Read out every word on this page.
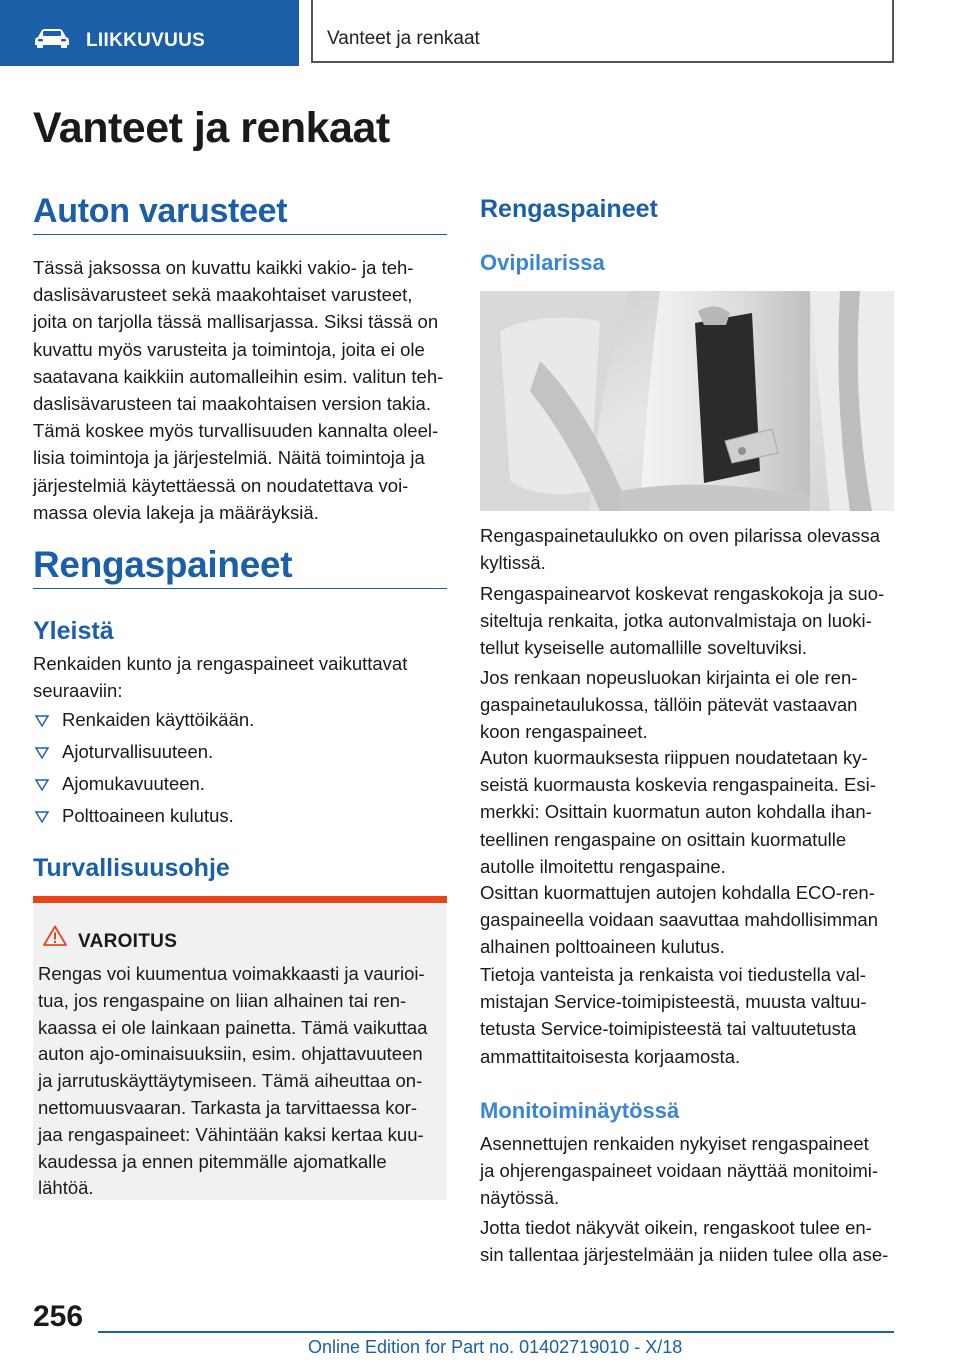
LIIKKUVUUS	Vanteet ja renkaat
Vanteet ja renkaat
Auton varusteet
Tässä jaksossa on kuvattu kaikki vakio- ja teh-
daslisävarusteet sekä maakohtaiset varusteet,
joita on tarjolla tässä mallisarjassa. Siksi tässä on
kuvattu myös varusteita ja toimintoja, joita ei ole
saatavana kaikkiin automalleihin esim. valitun teh-
daslisävarusteen tai maakohtaisen version takia.
Tämä koskee myös turvallisuuden kannalta oleel-
lisia toimintoja ja järjestelmiä. Näitä toimintoja ja
järjestelmiä käytettäessä on noudatettava voi-
massa olevia lakeja ja määräyksiä.
Rengaspaineet
Yleistä
Renkaiden kunto ja rengaspaineet vaikuttavat
seuraaviin:
Renkaiden käyttöikään.
Ajoturvallisuuteen.
Ajomukavuuteen.
Polttoaineen kulutus.
Turvallisuusohje
VAROITUS
Rengas voi kuumentua voimakkaasti ja vaurioi-
tua, jos rengaspaine on liian alhainen tai ren-
kaassa ei ole lainkaan painetta. Tämä vaikuttaa
auton ajo-ominaisuuksiin, esim. ohjattavuuteen
ja jarrutuskäyttäytymiseen. Tämä aiheuttaa on-
nettomuusvaaran. Tarkasta ja tarvittaessa kor-
jaa rengaspaineet: Vähintään kaksi kertaa kuu-
kaudessa ja ennen pitemmälle ajomatkalle
lähtöä.
Rengaspaineet
Ovipilarissa
Rengaspainetaulukko on oven pilarissa olevassa
kyltissä.
Rengaspainearvot koskevat rengaskokoja ja suo-
siteltuja renkaita, jotka autonvalmistaja on luoki-
tellut kyseiselle automallille soveltuviksi.
Jos renkaan nopeusluokan kirjainta ei ole ren-
gaspainetaulukossa, tällöin pätevät vastaavan
koon rengaspaineet.
Auton kuormauksesta riippuen noudatetaan ky-
seistä kuormausta koskevia rengaspaineita. Esi-
merkki: Osittain kuormatun auton kohdalla ihan-
teellinen rengaspaine on osittain kuormatulle
autolle ilmoitettu rengaspaine.
Osittan kuormattujen autojen kohdalla ECO-ren-
gaspaineella voidaan saavuttaa mahdollisimman
alhainen polttoaineen kulutus.
Tietoja vanteista ja renkaista voi tiedustella val-
mistajan Service-toimipisteestä, muusta valtuu-
tetusta Service-toimipisteestä tai valtuutetusta
ammattitaitoisesta korjaamosta.
Monitoiminäytössä
Asennettujen renkaiden nykyiset rengaspaineet
ja ohjerengaspaineet voidaan näyttää monitoimi-
näytössä.
Jotta tiedot näkyvät oikein, rengaskoot tulee en-
sin tallentaa järjestelmään ja niiden tulee olla ase-
256
Online Edition for Part no. 01402719010 - X/18
